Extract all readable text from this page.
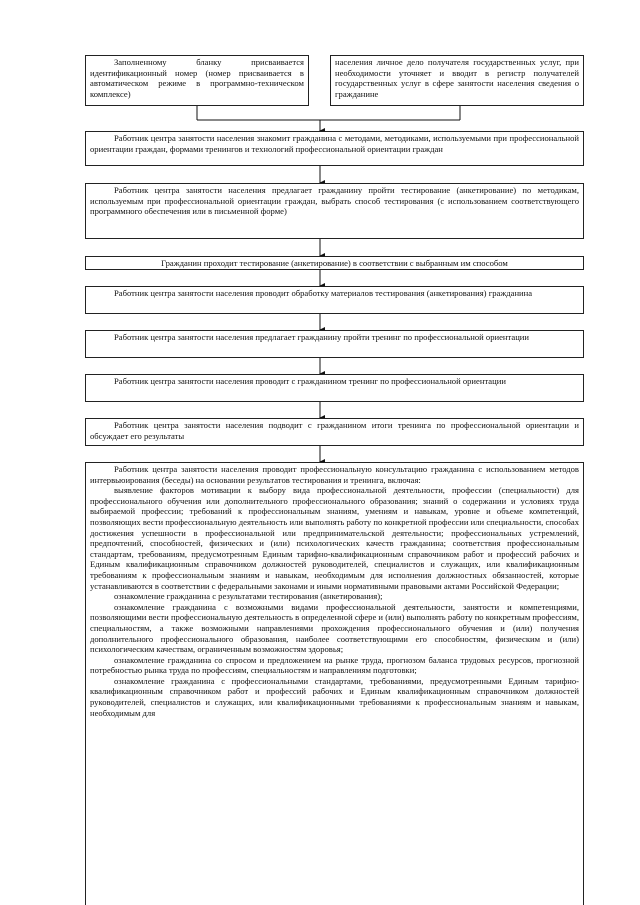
Заполненному бланку присваивается идентификационный номер (номер присваивается в автоматическом режиме в программно-техническом комплексе)

населения личное дело получателя государственных услуг, при необходимости уточняет и вводит в регистр получателей государственных услуг в сфере занятости населения сведения о гражданине

Работник центра занятости населения знакомит гражданина с методами, методиками, используемыми при профессиональной ориентации граждан, формами тренингов и технологий профессиональной ориентации граждан

Работник центра занятости населения предлагает гражданину пройти тестирование (анкетирование) по методикам, используемым при профессиональной ориентации граждан, выбрать способ тестирования (с использованием соответствующего программного обеспечения или в письменной форме)

Гражданин проходит тестирование (анкетирование) в соответствии с выбранным им способом

Работник центра занятости населения проводит обработку материалов тестирования (анкетирования) гражданина

Работник центра занятости населения предлагает гражданину пройти тренинг по профессиональной ориентации

Работник центра занятости населения проводит с гражданином тренинг по профессиональной ориентации

Работник центра занятости населения подводит с гражданином итоги тренинга по профессиональной ориентации и обсуждает его результаты

Работник центра занятости населения проводит профессиональную консультацию гражданина с использованием методов интервьюирования (беседы) на основании результатов тестирования и тренинга, включая:

выявление факторов мотивации к выбору вида профессиональной деятельности, профессии (специальности) для профессионального обучения или дополнительного профессионального образования; знаний о содержании и условиях труда выбираемой профессии; требований к профессиональным знаниям, умениям и навыкам, уровне и объеме компетенций, позволяющих вести профессиональную деятельность или выполнять работу по конкретной профессии или специальности, способах достижения успешности в профессиональной или предпринимательской деятельности; профессиональных устремлений, предпочтений, способностей, физических и (или) психологических качеств гражданина; соответствия профессиональным стандартам, требованиям, предусмотренным Единым тарифно-квалификационным справочником работ и профессий рабочих и Единым квалификационным справочником должностей руководителей, специалистов и служащих, или квалификационным требованиям к профессиональным знаниям и навыкам, необходимым для исполнения должностных обязанностей, которые устанавливаются в соответствии с федеральными законами и иными нормативными правовыми актами Российской Федерации;

ознакомление гражданина с результатами тестирования (анкетирования);

ознакомление гражданина с возможными видами профессиональной деятельности, занятости и компетенциями, позволяющими вести профессиональную деятельность в определенной сфере и (или) выполнять работу по конкретным профессиям, специальностям, а также возможными направлениями прохождения профессионального обучения и (или) получения дополнительного профессионального образования, наиболее соответствующими его способностям, физическим и (или) психологическим качествам, ограниченным возможностям здоровья;

ознакомление гражданина со спросом и предложением на рынке труда, прогнозом баланса трудовых ресурсов, прогнозной потребностью рынка труда по профессиям, специальностям и направлениям подготовки;

ознакомление гражданина с профессиональными стандартами, требованиями, предусмотренными Единым тарифно-квалификационным справочником работ и профессий рабочих и Единым квалификационным справочником должностей руководителей, специалистов и служащих, или квалификационными требованиями к профессиональным знаниям и навыкам, необходимым для
